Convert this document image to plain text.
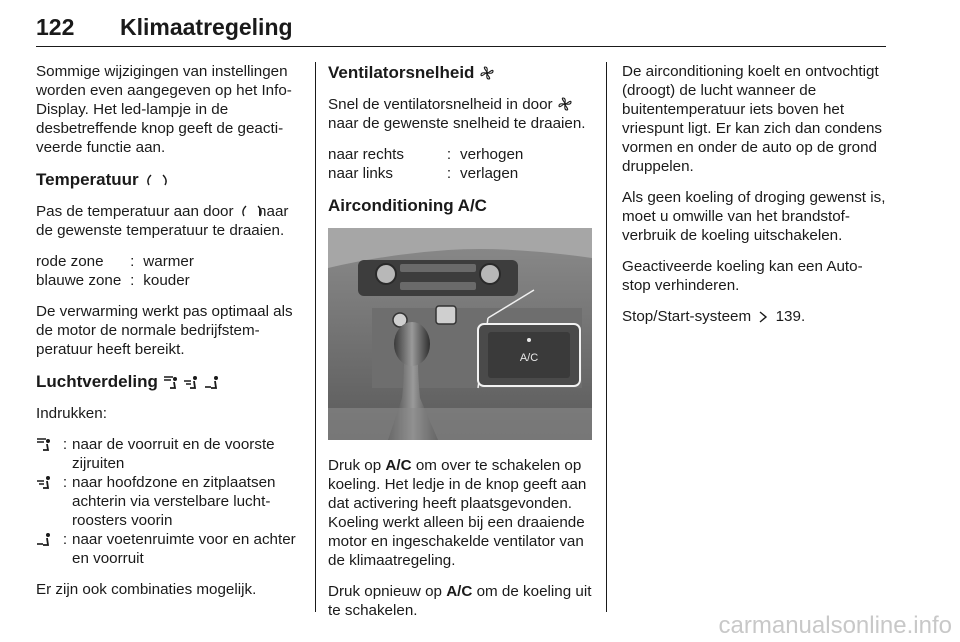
122 Klimaatregeling

Sommige wijzigingen van instellingen worden even aangegeven op het Info-Display. Het led-lampje in de desbetreffende knop geeft de geactiveerde functie aan.

Temperatuur

Pas de temperatuur aan door naar de gewenste temperatuur te draaien.

rode zone	: warmer
blauwe zone : kouder

De verwarming werkt pas optimaal als de motor de normale bedrijfstemperatuur heeft bereikt.

Luchtverdeling

Indrukken:

: naar de voorruit en de voorste zijruiten
: naar hoofdzone en zitplaatsen achterin via verstelbare luchtroosters voorin
: naar voetenruimte voor en achter en voorruit

Er zijn ook combinaties mogelijk.

Ventilatorsnelheid

Snel de ventilatorsnelheid in door  naar de gewenste snelheid te draaien.

naar rechts	: verhogen
naar links	: verlagen
Airconditioning A/C
A/C

Druk op A/C om over te schakelen op koeling. Het ledje in de knop geeft aan dat activering heeft plaatsgevonden. Koeling werkt alleen bij een draaiende motor en ingeschakelde ventilator van de klimaatregeling.

Druk opnieuw op A/C om de koeling uit te schakelen.

De airconditioning koelt en ontvochtigt (droogt) de lucht wanneer de buitentemperatuur iets boven het vriespunt ligt. Er kan zich dan condens vormen en onder de auto op de grond druppelen.

Als geen koeling of droging gewenst is, moet u omwille van het brandstofverbruik de koeling uitschakelen.

Geactiveerde koeling kan een Auto-stop verhinderen.

Stop/Start-systeem 139.

carmanualsonline.info
